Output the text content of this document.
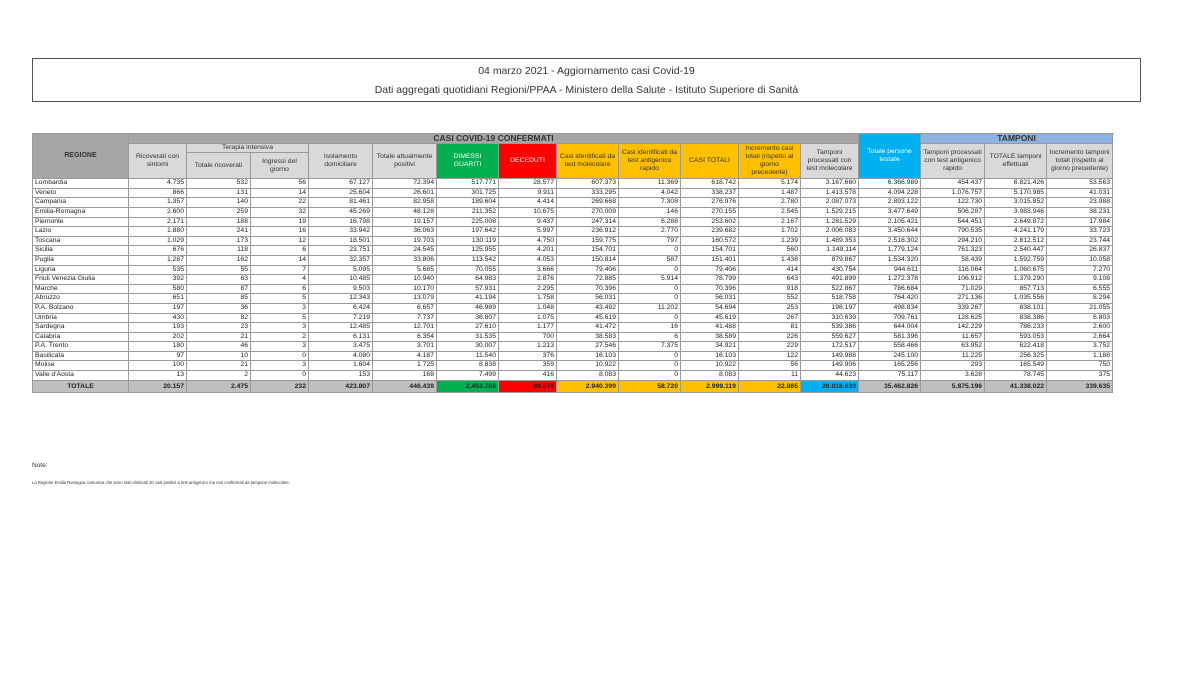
04 marzo 2021 - Aggiornamento casi Covid-19
Dati aggregati quotidiani Regioni/PPAA - Ministero della Salute - Istituto Superiore di Sanità
REGIONE	CASI COVID-19 CONFERMATI												Totale persone testate	TAMPONI		
	Ricoverati con sintomi	Terapia intensiva		Isolamento domiciliare	Totale attualmente positivi	DIMESSI GUARITI	DECEDUTI	Casi identificati da test molecolare	Casi identificati da test antigenico rapido	CASI TOTALI	Incremento casi totali (rispetto al giorno precedente)	Tamponi processati con test molecolare		Tamponi processati con test antigenico rapido	TOTALE tamponi effettuati	Incremento tamponi totali (rispetto al giorno precedente)
		Totale ricoverati	Ingressi del giorno													
Lombardia	4.735	532	56	67.127	72.394	517.771	28.577	607.373	11.369	618.742	5.174	3.167.660	6.366.989	454.437	6.821.426	53.563
Veneto	866	131	14	25.604	26.601	301.725	9.911	333.295	4.042	338.237	1.487	1.413.578	4.094.228	1.076.757	5.170.985	41.031
Campania	1.357	140	22	81.461	82.958	189.604	4.414	269.668	7.308	276.976	2.780	2.087.073	2.893.122	122.730	3.015.852	23.988
Emilia-Romagna	2.600	259	32	45.269	48.128	211.352	10.675	270.009	146	270.155	2.545	1.529.215	3.477.649	506.287	3.983.946	38.231
Piemonte	2.171	188	19	16.798	19.157	225.008	9.437	247.314	6.288	253.602	2.167	1.281.529	2.105.421	544.451	2.649.872	17.984
Lazio	1.880	241	16	33.942	36.063	197.642	5.997	236.912	2.770	239.682	1.702	2.006.083	3.450.644	790.535	4.241.179	33.723
Toscana	1.029	173	12	18.501	19.703	130.119	4.750	159.775	797	160.572	1.239	1.489.353	2.518.302	294.210	2.812.512	23.744
Sicilia	676	118	6	23.751	24.545	125.955	4.201	154.701	0	154.701	560	1.149.114	1.779.124	761.323	2.540.447	26.837
Puglia	1.287	162	14	32.357	33.806	113.542	4.053	150.814	587	151.401	1.438	879.867	1.534.320	58.439	1.592.759	10.058
Liguria	535	55	7	5.095	5.685	70.055	3.666	79.406	0	79.406	414	430.754	944.611	116.064	1.060.675	7.270
Friuli Venezia Giulia	392	63	4	10.485	10.940	64.983	2.876	72.885	5.914	78.799	643	491.899	1.272.378	106.912	1.379.290	9.108
Marche	580	87	6	9.503	10.170	57.931	2.295	70.396	0	70.396	918	522.867	786.684	71.029	857.713	6.555
Abruzzo	651	85	5	12.343	13.079	41.194	1.758	56.031	0	56.031	552	518.758	764.420	271.136	1.035.556	8.294
P.A. Bolzano	197	36	3	6.424	6.657	46.989	1.048	43.492	11.202	54.694	253	198.197	498.834	339.267	838.101	21.055
Umbria	430	82	5	7.219	7.737	36.807	1.075	45.619	0	45.619	267	310.639	709.761	128.625	838.386	6.803
Sardegna	193	23	3	12.485	12.701	27.610	1.177	41.472	16	41.488	81	539.386	644.004	142.229	786.233	2.600
Calabria	202	21	2	6.131	6.354	31.535	700	38.583	6	38.589	226	559.627	581.396	11.657	593.053	2.664
P.A. Trento	180	46	3	3.475	3.701	30.007	1.213	27.546	7.375	34.921	229	172.517	558.466	63.952	622.418	3.752
Basilicata	97	10	0	4.080	4.187	11.540	376	16.103	0	16.103	122	149.988	245.100	11.225	256.325	1.188
Molise	100	21	3	1.604	1.725	8.838	359	10.922	0	10.922	56	149.906	165.256	293	165.549	750
Valle d'Aosta	13	2	0	153	168	7.499	416	8.083	0	8.083	11	44.623	75.117	3.628	78.745	375
TOTALE	20.157	2.475	232	423.807	446.439	2.453.706	98.974	2.940.399	58.720	2.999.119	22.865	20.018.633	35.462.826	5.875.196	41.338.022	339.635
Note:
La Regione Emilia Romagna comunica che sono stati eliminati 20 casi positivi a test antigenico ma non confermati da tampone molecolare.
